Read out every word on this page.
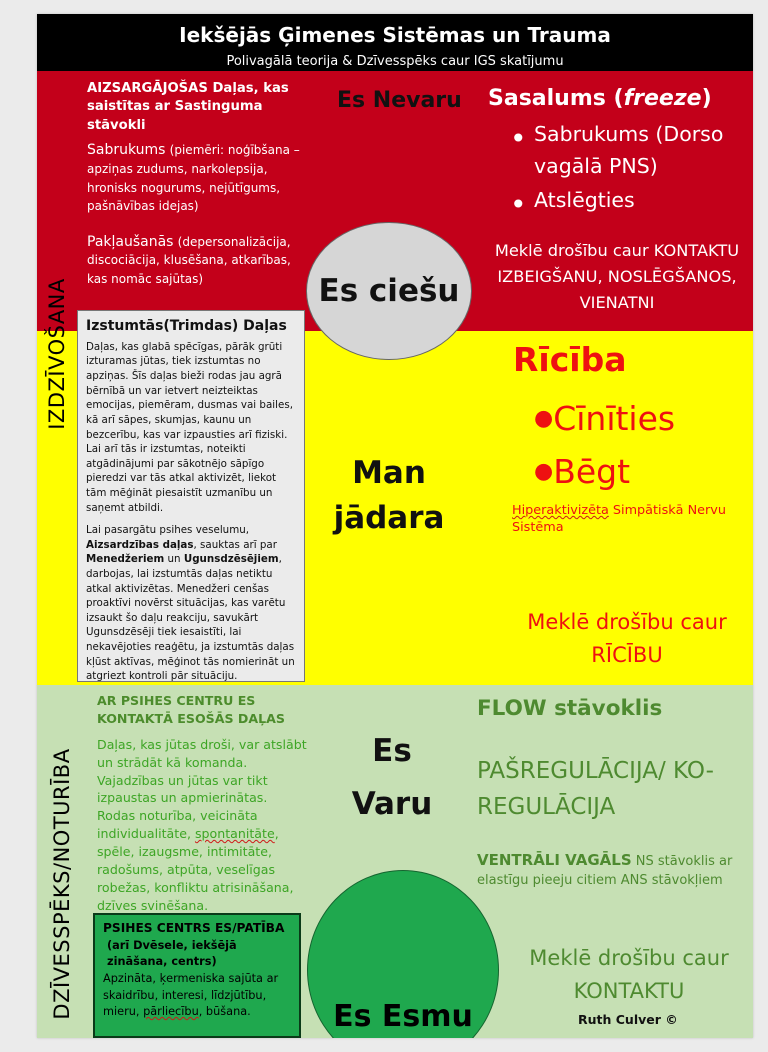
Iekšējās Ģimenes Sistēmas un Trauma
Polivagālā teorija & Dzīvesspēks caur IGS skatījumu
IZDZĪVOŠANA
DZĪVESSPĒKS/NOTURĪBA
AIZSARGĀJOŠAS Daļas, kas saistītas ar Sastinguma stāvokli
Sabrukums (piemēri: noģībšana – apziņas zudums, narkolepsija, hronisks nogurums, nejūtīgums, pašnāvības idejas)
Pakļaušanās (depersonalizācija, discociācija, klusēšana, atkarības, kas nomāc sajūtas)
Es Nevaru Sasalums (freeze)
• Sabrukums (Dorso vagālā PNS)
• Atslēgties
Meklē drošību caur KONTAKTU IZBEIGŠANU, NOSLĒGŠANOS, VIENATNI
Izstumtās(Trimdas) Daļas

Daļas, kas glabā spēcīgas, pārāk grūti izturamas jūtas, tiek izstumtas no apziņas. Šīs daļas bieži rodas jau agrā bērnībā un var ietvert neizteiktas emocijas, piemēram, dusmas vai bailes, kā arī sāpes, skumjas, kaunu un bezcerību, kas var izpausties arī fiziski. Lai arī tās ir izstumtas, noteikti atgādinājumi par sākotnējo sāpīgo pieredzi var tās atkal aktivizēt, liekot tām mēģināt piesaistīt uzmanību un saņemt atbildi.

Lai pasargātu psihes veselumu, Aizsardzības daļas, sauktas arī par Menedžeriem un Ugunsdzēsējiem, darbojas, lai izstumtās daļas netiktu atkal aktivizētas. Menedžeri cenšas proaktīvi novērst situācijas, kas varētu izsaukt šo daļu reakciju, savukārt Ugunsdzēsēji tiek iesaistīti, lai nekavējoties reaģētu, ja izstumtās daļas kļūst aktīvas, mēģinot tās nomierināt un atgriezt kontroli pār situāciju.

Es ciešu
Man
jādara
Rīcība
●Cīnīties
●Bēgt
Hiperaktivizēta Simpātiskā Nervu Sistēma
Meklē drošību caur RĪCĪBU
AR PSIHES CENTRU ES KONTAKTĀ ESOŠĀS DAĻAS
Daļas, kas jūtas droši, var atslābt un strādāt kā komanda. Vajadzības un jūtas var tikt izpaustas un apmierinātas.
Rodas noturība, veicināta individualitāte, spontanitāte, spēle, izaugsme, intimitāte, radošums, atpūta, veselīgas robežas, konfliktu atrisināšana, dzīves svinēšana.
Es
Varu
FLOW stāvoklis
PAŠREGULĀCIJA/ KO-REGULĀCIJA
VENTRĀLI VAGĀLS NS stāvoklis ar elastīgu pieeju citiem ANS stāvokļiem
Es Esmu
Meklē drošību caur KONTAKTU
Ruth Culver ©
PSIHES CENTRS ES/PATĪBA
(arī Dvēsele, iekšējā zināšana, centrs)
Apzināta, ķermeniska sajūta ar skaidrību, interesi, līdzjūtību, mieru, pārliecību, būšana.
